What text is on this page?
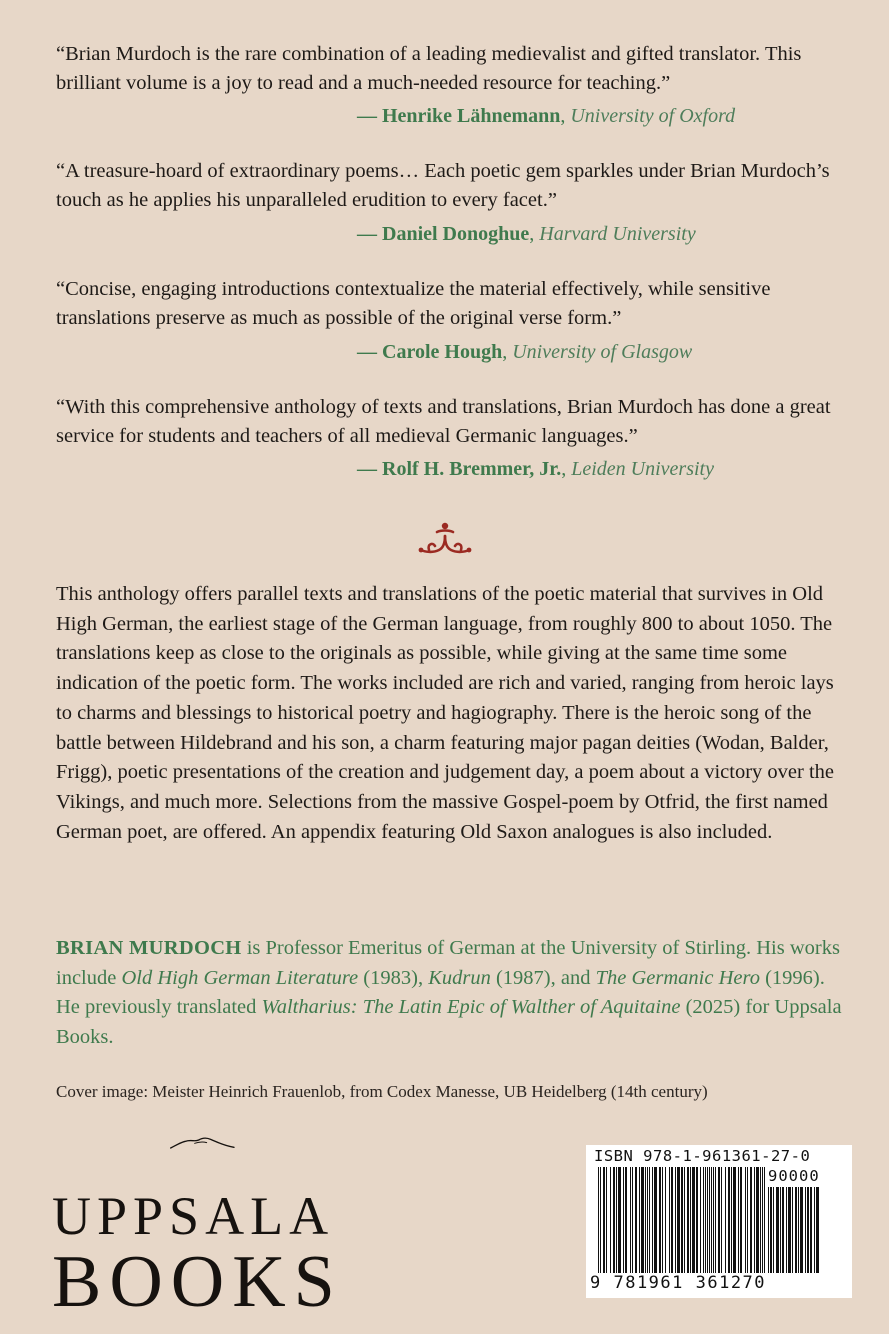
“Brian Murdoch is the rare combination of a leading medievalist and gifted translator. This brilliant volume is a joy to read and a much-needed resource for teaching.”
— Henrike Lähnemann, University of Oxford
“A treasure-hoard of extraordinary poems… Each poetic gem sparkles under Brian Murdoch’s touch as he applies his unparalleled erudition to every facet.”
— Daniel Donoghue, Harvard University
“Concise, engaging introductions contextualize the material effectively, while sensitive translations preserve as much as possible of the original verse form.”
— Carole Hough, University of Glasgow
“With this comprehensive anthology of texts and translations, Brian Murdoch has done a great service for students and teachers of all medieval Germanic languages.”
— Rolf H. Bremmer, Jr., Leiden University
This anthology offers parallel texts and translations of the poetic material that survives in Old High German, the earliest stage of the German language, from roughly 800 to about 1050. The translations keep as close to the originals as possible, while giving at the same time some indication of the poetic form. The works included are rich and varied, ranging from heroic lays to charms and blessings to historical poetry and hagiography. There is the heroic song of the battle between Hildebrand and his son, a charm featuring major pagan deities (Wodan, Balder, Frigg), poetic presentations of the creation and judgement day, a poem about a victory over the Vikings, and much more. Selections from the massive Gospel-poem by Otfrid, the first named German poet, are offered. An appendix featuring Old Saxon analogues is also included.
BRIAN MURDOCH is Professor Emeritus of German at the University of Stirling. His works include Old High German Literature (1983), Kudrun (1987), and The Germanic Hero (1996). He previously translated Waltharius: The Latin Epic of Walther of Aquitaine (2025) for Uppsala Books.
Cover image: Meister Heinrich Frauenlob, from Codex Manesse, UB Heidelberg (14th century)
UPPSALA
BOOKS
ISBN 978-1-961361-27-0
90000
9 781961 361270
